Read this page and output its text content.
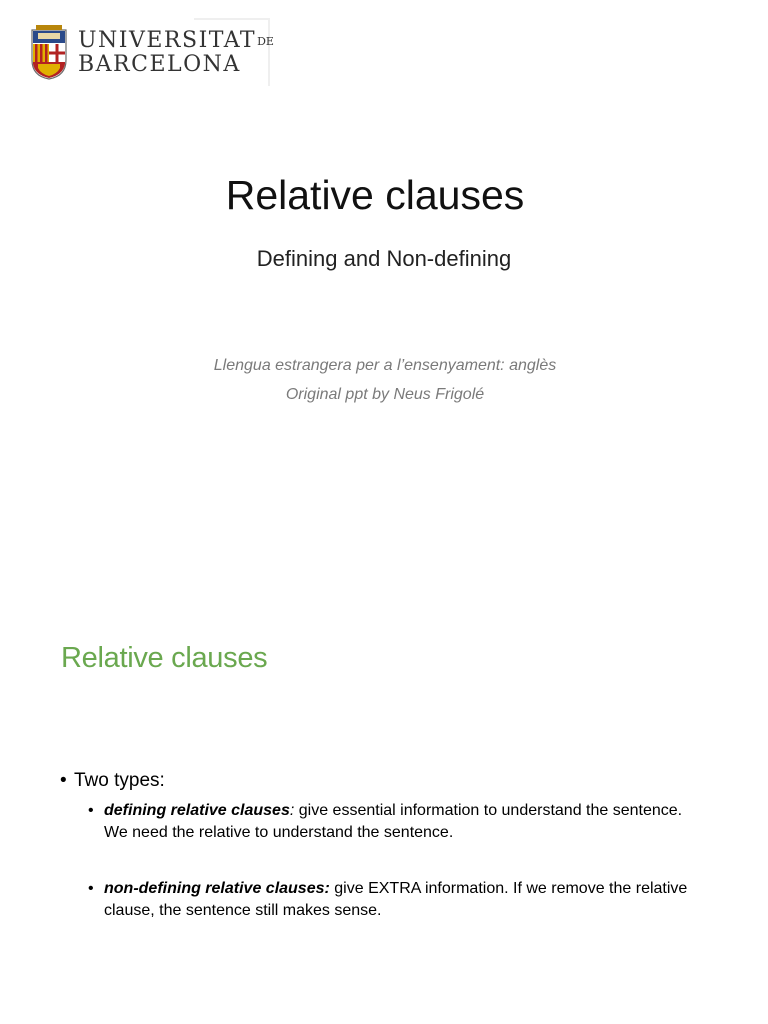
UNIVERSITATDE
BARCELONA
Relative clauses
Defining and Non-defining
Llengua estrangera per a l’ensenyament: anglès
Original ppt by Neus Frigolé
Relative clauses
• Two types:
• defining relative clauses: give essential information to understand the sentence. We need the relative to understand the sentence.
• non-defining relative clauses: give EXTRA information. If we remove the relative clause, the sentence still makes sense.
